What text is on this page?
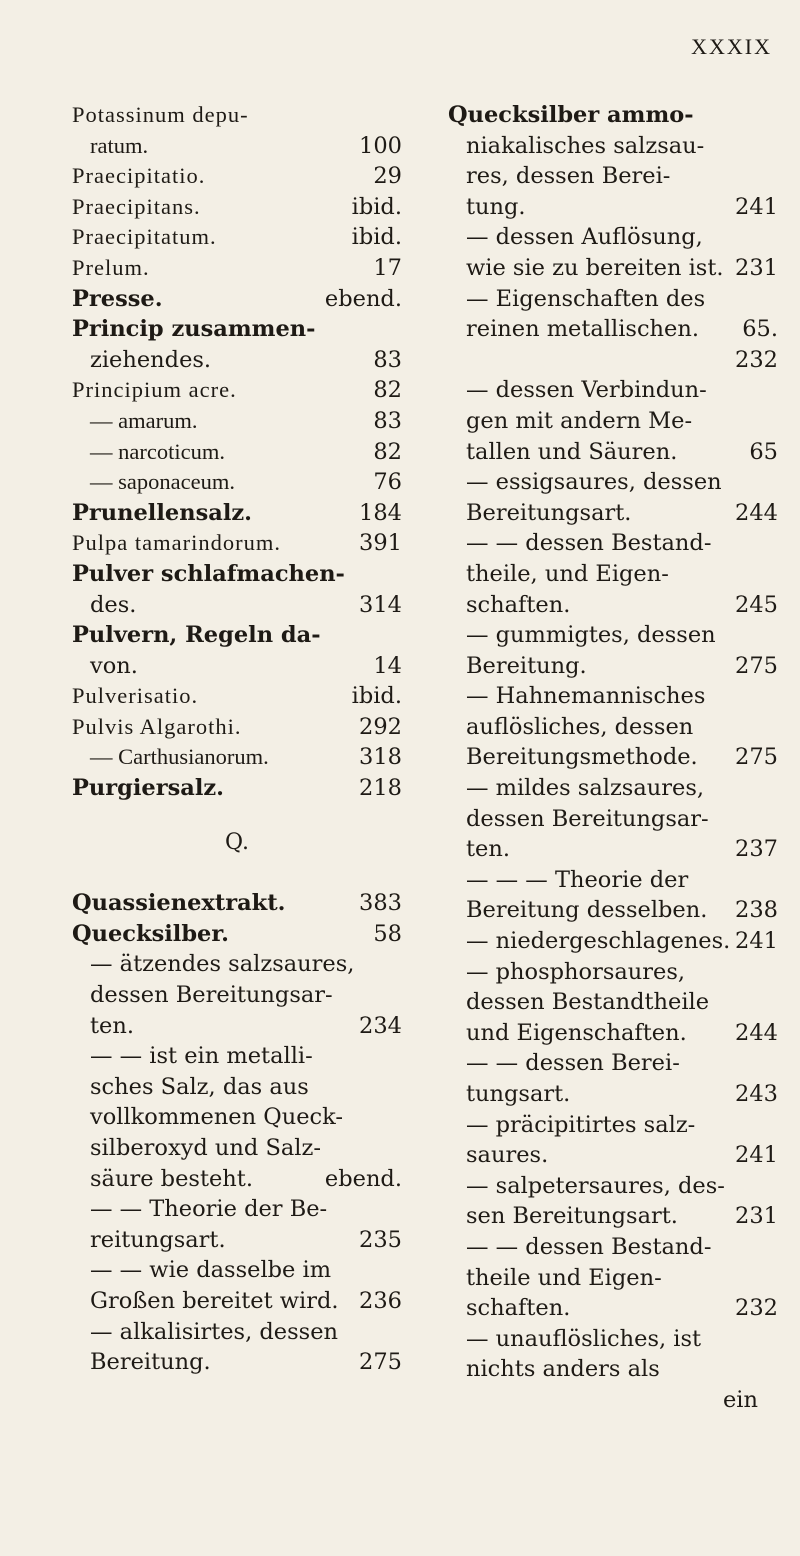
XXXIX
Potassinum depu-
100
ratum.
29
Praecipitatio.
ibid.
Praecipitans.
ibid.
Praecipitatum.
17
Prelum.
ebend.
Presse.
Princip zusammen-
83
ziehendes.
82
Principium acre.
83
— amarum.
82
— narcoticum.
76
— saponaceum.
184
Prunellensalz.
391
Pulpa tamarindorum.
Pulver schlafmachen-
314
des.
Pulvern, Regeln da-
14
von.
ibid.
Pulverisatio.
292
Pulvis Algarothi.
318
— Carthusianorum.
218
Purgiersalz.
Q.
383
Quassienextrakt.
58
Quecksilber.
— ätzendes salzsaures,
dessen Bereitungsar-
234
ten.
— — ist ein metalli-
sches Salz, das aus
vollkommenen Queck-
silberoxyd und Salz-
ebend.
säure besteht.
— — Theorie der Be-
235
reitungsart.
— — wie dasselbe im
236
Großen bereitet wird.
— alkalisirtes, dessen
275
Bereitung.
Quecksilber ammo-
niakalisches salzsau-
res, dessen Berei-
241
tung.
— dessen Auflösung,
231
wie sie zu bereiten ist.
— Eigenschaften des
65.
reinen metallischen.
232
— dessen Verbindun-
gen mit andern Me-
65
tallen und Säuren.
— essigsaures, dessen
244
Bereitungsart.
— — dessen Bestand-
theile, und Eigen-
245
schaften.
— gummigtes, dessen
275
Bereitung.
— Hahnemannisches
auflösliches, dessen
275
Bereitungsmethode.
— mildes salzsaures,
dessen Bereitungsar-
237
ten.
— — — Theorie der
238
Bereitung desselben.
241
— niedergeschlagenes.
— phosphorsaures,
dessen Bestandtheile
244
und Eigenschaften.
— — dessen Berei-
243
tungsart.
— präcipitirtes salz-
241
saures.
— salpetersaures, des-
231
sen Bereitungsart.
— — dessen Bestand-
theile und Eigen-
232
schaften.
— unauflösliches, ist
nichts anders als
ein
